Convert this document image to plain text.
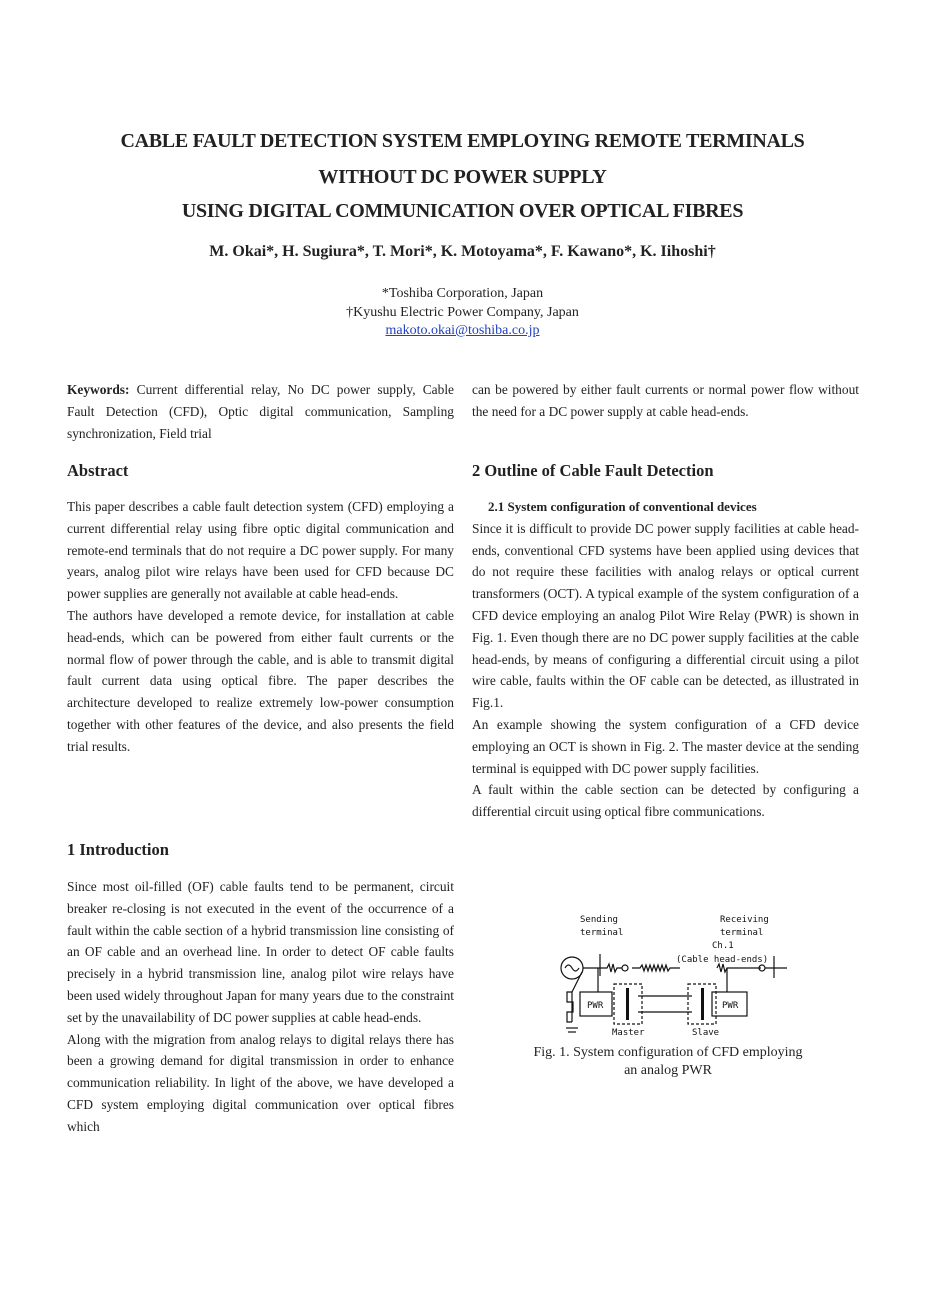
CABLE FAULT DETECTION SYSTEM EMPLOYING REMOTE TERMINALS
WITHOUT DC POWER SUPPLY
USING DIGITAL COMMUNICATION OVER OPTICAL FIBRES
M. Okai*, H. Sugiura*, T. Mori*, K. Motoyama*, F. Kawano*, K. Iihoshi†
*Toshiba Corporation, Japan
†Kyushu Electric Power Company, Japan
makoto.okai@toshiba.co.jp

Keywords: Current differential relay, No DC power supply, Cable Fault Detection (CFD), Optic digital communication, Sampling synchronization, Field trial

Abstract

This paper describes a cable fault detection system (CFD) employing a current differential relay using fibre optic digital communication and remote-end terminals that do not require a DC power supply. For many years, analog pilot wire relays have been used for CFD because DC power supplies are generally not available at cable head-ends.

The authors have developed a remote device, for installation at cable head-ends, which can be powered from either fault currents or the normal flow of power through the cable, and is able to transmit digital fault current data using optical fibre. The paper describes the architecture developed to realize extremely low-power consumption together with other features of the device, and also presents the field trial results.

1 Introduction

Since most oil-filled (OF) cable faults tend to be permanent, circuit breaker re-closing is not executed in the event of the occurrence of a fault within the cable section of a hybrid transmission line consisting of an OF cable and an overhead line. In order to detect OF cable faults precisely in a hybrid transmission line, analog pilot wire relays have been used widely throughout Japan for many years due to the constraint set by the unavailability of DC power supplies at cable head-ends.

Along with the migration from analog relays to digital relays there has been a growing demand for digital transmission in order to enhance communication reliability. In light of the above, we have developed a CFD system employing digital communication over optical fibres which

can be powered by either fault currents or normal power flow without the need for a DC power supply at cable head-ends.

2 Outline of Cable Fault Detection

2.1 System configuration of conventional devices

Since it is difficult to provide DC power supply facilities at cable head-ends, conventional CFD systems have been applied using devices that do not require these facilities with analog relays or optical current transformers (OCT). A typical example of the system configuration of a CFD device employing an analog Pilot Wire Relay (PWR) is shown in Fig. 1. Even though there are no DC power supply facilities at the cable head-ends, by means of configuring a differential circuit using a pilot wire cable, faults within the OF cable can be detected, as illustrated in Fig.1.

An example showing the system configuration of a CFD device employing an OCT is shown in Fig. 2. The master device at the sending terminal is equipped with DC power supply facilities.

A fault within the cable section can be detected by configuring a differential circuit using optical fibre communications.

Sending
terminal
Receiving
terminal
Ch.1
(Cable head-ends)
PWR	PWR
Master	Slave
Fig. 1. System configuration of CFD employing
an analog PWR
